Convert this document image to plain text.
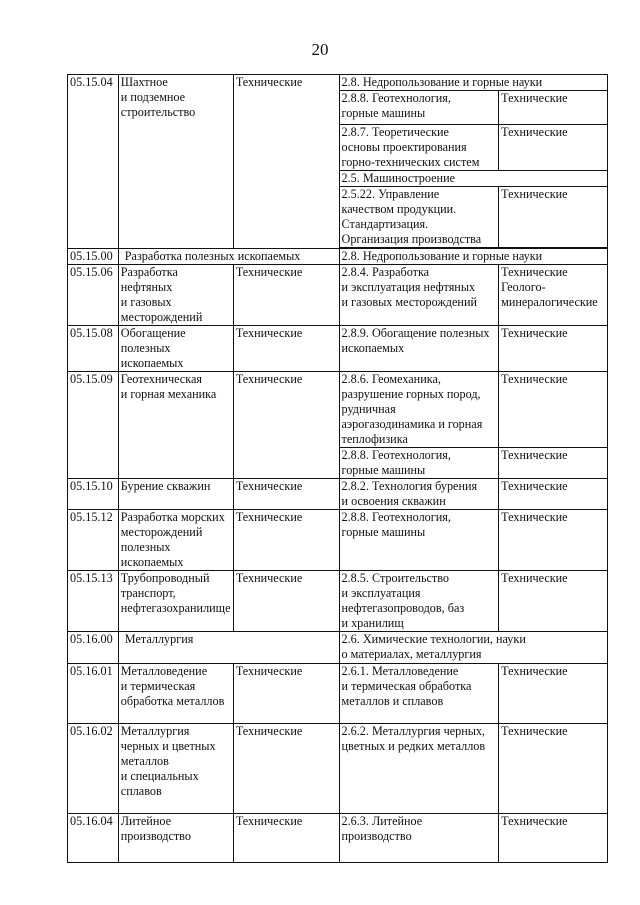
20
05.15.04	Шахтное
и подземное
строительство	Технические	2.8. Недропользование и горные науки	
			2.8.8. Геотехнология,
горные машины	Технические
			2.8.7. Теоретические
основы проектирования
горно-технических систем	Технические
			2.5. Машиностроение	
			2.5.22. Управление
качеством продукции.
Стандартизация.
Организация производства	Технические

05.15.00	Разработка полезных ископаемых		2.8. Недропользование и горные науки	
05.15.06	Разработка
нефтяных
и газовых
месторождений	Технические	2.8.4. Разработка
и эксплуатация нефтяных
и газовых месторождений	Технические
Геолого-
минералогические
05.15.08	Обогащение
полезных
ископаемых	Технические	2.8.9. Обогащение полезных
ископаемых	Технические
05.15.09	Геотехническая
и горная механика	Технические	2.8.6. Геомеханика,
разрушение горных пород,
рудничная
аэрогазодинамика и горная
теплофизика	Технические
			2.8.8. Геотехнология,
горные машины	Технические
05.15.10	Бурение скважин	Технические	2.8.2. Технология бурения
и освоения скважин	Технические
05.15.12	Разработка морских
месторождений
полезных
ископаемых	Технические	2.8.8. Геотехнология,
горные машины	Технические
05.15.13	Трубопроводный
транспорт,
нефтегазохранилище	Технические	2.8.5. Строительство
и эксплуатация
нефтегазопроводов, баз
и хранилищ	Технические
05.16.00	Металлургия		2.6. Химические технологии, науки
о материалах, металлургия	
05.16.01	Металловедение
и термическая
обработка металлов	Технические	2.6.1. Металловедение
и термическая обработка
металлов и сплавов	Технические
05.16.02	Металлургия
черных и цветных
металлов
и специальных
сплавов	Технические	2.6.2. Металлургия черных,
цветных и редких металлов	Технические
05.16.04	Литейное
производство	Технические	2.6.3. Литейное
производство	Технические
